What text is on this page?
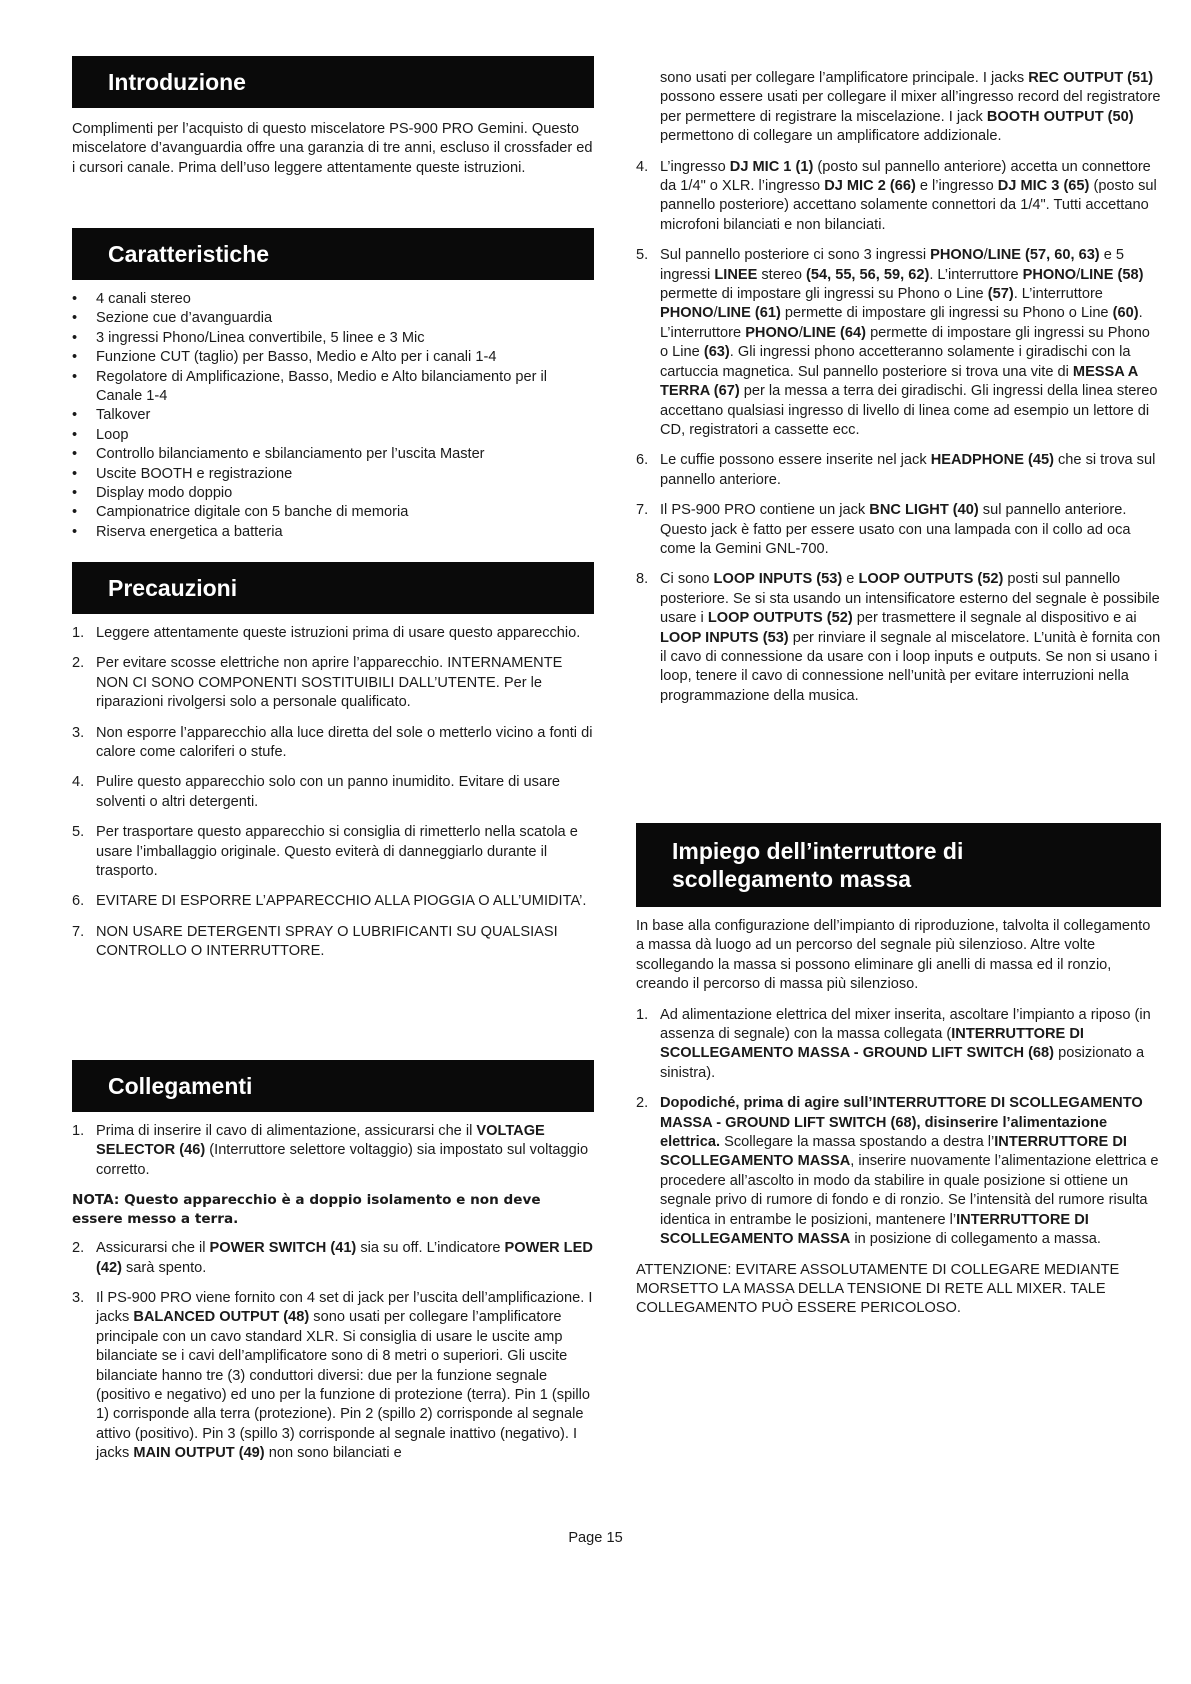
Introduzione

Complimenti per l’acquisto di questo miscelatore PS-900 PRO Gemini. Questo miscelatore d’avanguardia offre una garanzia di tre anni, escluso il crossfader ed i cursori canale. Prima dell’uso leggere attentamente queste istruzioni.

Caratteristiche
• 4 canali stereo
• Sezione cue d’avanguardia
• 3 ingressi Phono/Linea convertibile, 5 linee e 3 Mic
• Funzione CUT (taglio) per Basso, Medio e Alto per i canali 1-4
• Regolatore di Amplificazione, Basso, Medio e Alto bilanciamento per il Canale 1-4
• Talkover
• Loop
• Controllo bilanciamento e sbilanciamento per l’uscita Master
• Uscite BOOTH e registrazione
• Display modo doppio
• Campionatrice digitale con 5 banche di memoria
• Riserva energetica a batteria
Precauzioni
1. Leggere attentamente queste istruzioni prima di usare questo apparecchio.
2. Per evitare scosse elettriche non aprire l’apparecchio. INTERNAMENTE NON CI SONO COMPONENTI SOSTITUIBILI DALL’UTENTE. Per le riparazioni rivolgersi solo a personale qualificato.
3. Non esporre l’apparecchio alla luce diretta del sole o metterlo vicino a fonti di calore come caloriferi o stufe.
4. Pulire questo apparecchio solo con un panno inumidito. Evitare di usare solventi o altri detergenti.
5. Per trasportare questo apparecchio si consiglia di rimetterlo nella scatola e usare l’imballaggio originale. Questo eviterà di danneggiarlo durante il trasporto.
6. EVITARE DI ESPORRE L’APPARECCHIO ALLA PIOGGIA O ALL’UMIDITA’.
7. NON USARE DETERGENTI SPRAY O LUBRIFICANTI SU QUALSIASI CONTROLLO O INTERRUTTORE.
Collegamenti
1. Prima di inserire il cavo di alimentazione, assicurarsi che il VOLTAGE SELECTOR (46) (Interruttore selettore voltaggio) sia impostato sul voltaggio corretto.

NOTA: Questo apparecchio è a doppio isolamento e non deve essere messo a terra.

2. Assicurarsi che il POWER SWITCH (41) sia su off. L’indicatore POWER LED (42) sarà spento.
3. Il PS-900 PRO viene fornito con 4 set di jack per l’uscita dell’amplificazione. I jacks BALANCED OUTPUT (48) sono usati per collegare l’amplificatore principale con un cavo standard XLR. Si consiglia di usare le uscite amp bilanciate se i cavi dell’amplificatore sono di 8 metri o superiori. Gli uscite bilanciate hanno tre (3) conduttori diversi: due per la funzione segnale (positivo e negativo) ed uno per la funzione di protezione (terra). Pin 1 (spillo 1) corrisponde alla terra (protezione). Pin 2 (spillo 2) corrisponde al segnale attivo (positivo). Pin 3 (spillo 3) corrisponde al segnale inattivo (negativo). I jacks MAIN OUTPUT (49) non sono bilanciati e
sono usati per collegare l’amplificatore principale. I jacks REC OUTPUT (51) possono essere usati per collegare il mixer all’ingresso record del registratore per permettere di registrare la miscelazione. I jack BOOTH OUTPUT (50) permettono di collegare un amplificatore addizionale.
4. L’ingresso DJ MIC 1 (1) (posto sul pannello anteriore) accetta un connettore da 1/4" o XLR. l’ingresso DJ MIC 2 (66) e l’ingresso DJ MIC 3 (65) (posto sul pannello posteriore) accettano solamente connettori da 1/4". Tutti accettano microfoni bilanciati e non bilanciati.
5. Sul pannello posteriore ci sono 3 ingressi PHONO/LINE (57, 60, 63) e 5 ingressi LINEE stereo (54, 55, 56, 59, 62). L’interruttore PHONO/LINE (58) permette di impostare gli ingressi su Phono o Line (57). L’interruttore PHONO/LINE (61) permette di impostare gli ingressi su Phono o Line (60). L’interruttore PHONO/LINE (64) permette di impostare gli ingressi su Phono o Line (63). Gli ingressi phono accetteranno solamente i giradischi con la cartuccia magnetica. Sul pannello posteriore si trova una vite di MESSA A TERRA (67) per la messa a terra dei giradischi. Gli ingressi della linea stereo accettano qualsiasi ingresso di livello di linea come ad esempio un lettore di CD, registratori a cassette ecc.
6. Le cuffie possono essere inserite nel jack HEADPHONE (45) che si trova sul pannello anteriore.
7. Il PS-900 PRO contiene un jack BNC LIGHT (40) sul pannello anteriore. Questo jack è fatto per essere usato con una lampada con il collo ad oca come la Gemini GNL-700.
8. Ci sono LOOP INPUTS (53) e LOOP OUTPUTS (52) posti sul pannello posteriore. Se si sta usando un intensificatore esterno del segnale è possibile usare i LOOP OUTPUTS (52) per trasmettere il segnale al dispositivo e ai LOOP INPUTS (53) per rinviare il segnale al miscelatore. L’unità è fornita con il cavo di connessione da usare con i loop inputs e outputs. Se non si usano i loop, tenere il cavo di connessione nell’unità per evitare interruzioni nella programmazione della musica.
Impiego dell’interruttore di
scollegamento massa

In base alla configurazione dell’impianto di riproduzione, talvolta il collegamento a massa dà luogo ad un percorso del segnale più silenzioso. Altre volte scollegando la massa si possono eliminare gli anelli di massa ed il ronzio, creando il percorso di massa più silenzioso.

1. Ad alimentazione elettrica del mixer inserita, ascoltare l’impianto a riposo (in assenza di segnale) con la massa collegata (INTERRUTTORE DI SCOLLEGAMENTO MASSA - GROUND LIFT SWITCH (68) posizionato a sinistra).
2. Dopodiché, prima di agire sull’INTERRUTTORE DI SCOLLEGAMENTO MASSA - GROUND LIFT SWITCH (68), disinserire l’alimentazione elettrica. Scollegare la massa spostando a destra l’INTERRUTTORE DI SCOLLEGAMENTO MASSA, inserire nuovamente l’alimentazione elettrica e procedere all’ascolto in modo da stabilire in quale posizione si ottiene un segnale privo di rumore di fondo e di ronzio. Se l’intensità del rumore risulta identica in entrambe le posizioni, mantenere l’INTERRUTTORE DI SCOLLEGAMENTO MASSA in posizione di collegamento a massa.

ATTENZIONE: EVITARE ASSOLUTAMENTE DI COLLEGARE MEDIANTE MORSETTO LA MASSA DELLA TENSIONE DI RETE ALL MIXER. TALE COLLEGAMENTO PUÒ ESSERE PERICOLOSO.

Page 15
